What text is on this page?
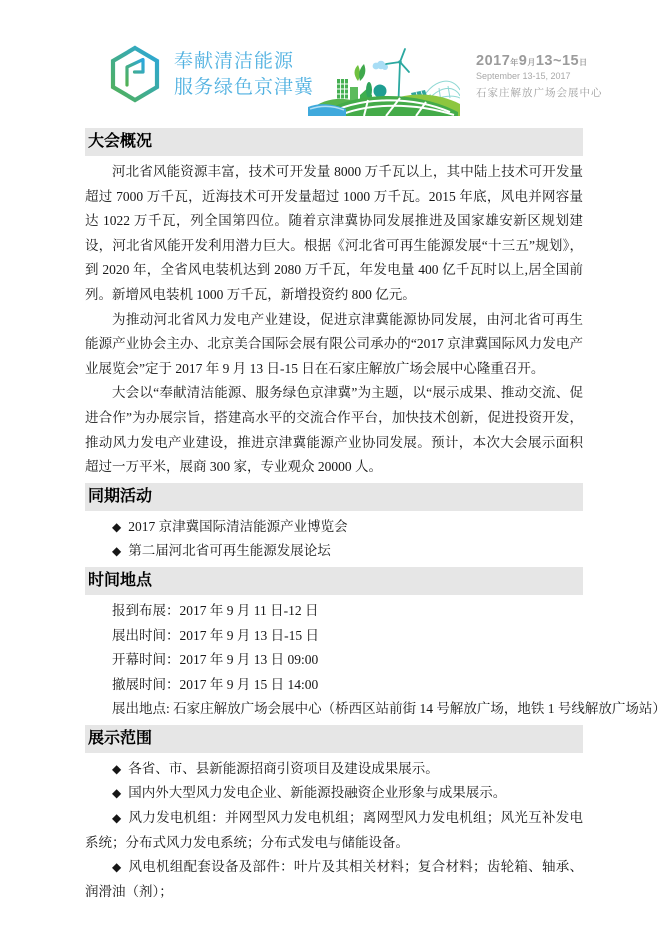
奉献清洁能源
服务绿色京津冀
2017年9月13~15日
September 13-15, 2017
石家庄解放广场会展中心
大会概况

河北省风能资源丰富，技术可开发量 8000 万千瓦以上，其中陆上技术可开发量超过 7000 万千瓦，近海技术可开发量超过 1000 万千瓦。2015 年底，风电并网容量达 1022 万千瓦，列全国第四位。随着京津冀协同发展推进及国家雄安新区规划建设，河北省风能开发利用潜力巨大。根据《河北省可再生能源发展“十三五”规划》，到 2020 年，全省风电装机达到 2080 万千瓦，年发电量 400 亿千瓦时以上,居全国前列。新增风电装机 1000 万千瓦，新增投资约 800 亿元。

为推动河北省风力发电产业建设，促进京津冀能源协同发展，由河北省可再生能源产业协会主办、北京美合国际会展有限公司承办的“2017 京津冀国际风力发电产业展览会”定于 2017 年 9 月 13 日-15 日在石家庄解放广场会展中心隆重召开。

大会以“奉献清洁能源、服务绿色京津冀”为主题，以“展示成果、推动交流、促进合作”为办展宗旨，搭建高水平的交流合作平台，加快技术创新，促进投资开发，推动风力发电产业建设，推进京津冀能源产业协同发展。预计，本次大会展示面积超过一万平米，展商 300 家，专业观众 20000 人。

同期活动

◆ 2017 京津冀国际清洁能源产业博览会

◆ 第二届河北省可再生能源发展论坛

时间地点

报到布展：2017 年 9 月 11 日-12 日

展出时间：2017 年 9 月 13 日-15 日

开幕时间：2017 年 9 月 13 日 09:00

撤展时间：2017 年 9 月 15 日 14:00

展出地点: 石家庄解放广场会展中心（桥西区站前街 14 号解放广场，地铁 1 号线解放广场站）

展示范围

◆ 各省、市、县新能源招商引资项目及建设成果展示。

◆ 国内外大型风力发电企业、新能源投融资企业形象与成果展示。

◆ 风力发电机组：并网型风力发电机组；离网型风力发电机组；风光互补发电系统；分布式风力发电系统；分布式发电与储能设备。

◆ 风电机组配套设备及部件：叶片及其相关材料；复合材料；齿轮箱、轴承、润滑油（剂）；
